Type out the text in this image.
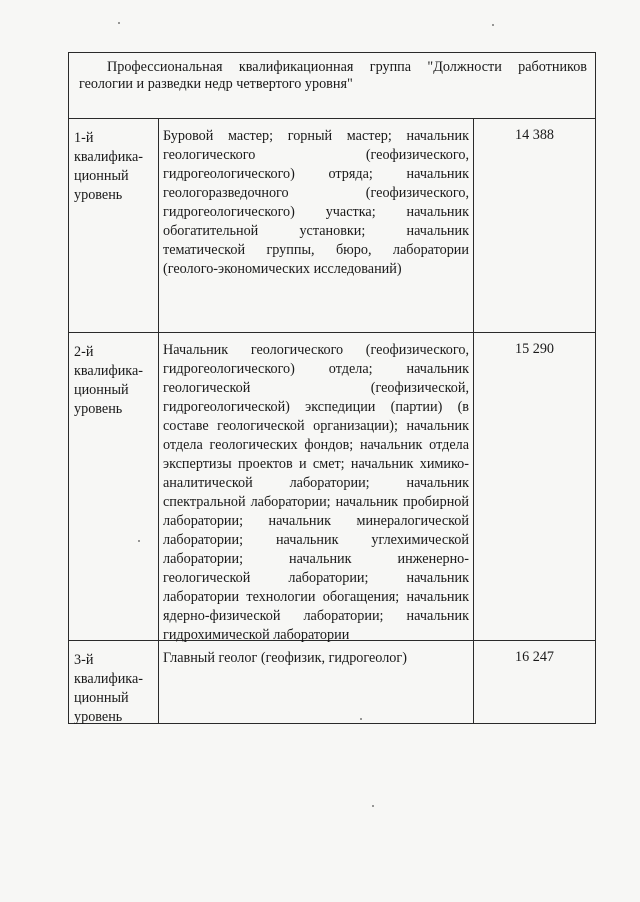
Профессиональная квалификационная группа "Должности работников геологии и разведки недр четвертого уровня"
1-й
квалифика-
ционный
уровень
Буровой мастер; горный мастер; начальник геологического (геофизического, гидрогеологического) отряда; начальник геологоразведочного (геофизического, гидрогеологического) участка; начальник обогатительной установки; начальник тематической группы, бюро, лаборатории (геолого-экономических исследований)
14 388
2-й
квалифика-
ционный
уровень
Начальник геологического (геофизического, гидрогеологического) отдела; начальник геологической (геофизической, гидрогеологической) экспедиции (партии) (в составе геологической организации); начальник отдела геологических фондов; начальник отдела экспертизы проектов и смет; начальник химико- аналитической лаборатории; начальник спектральной лаборатории; начальник пробирной лаборатории; начальник минералогической лаборатории; начальник углехимической лаборатории; начальник инженерно-геологической лаборатории; начальник лаборатории технологии обогащения; начальник ядерно-физической лаборатории; начальник гидрохимической лаборатории
15 290
3-й
квалифика-
ционный
уровень
Главный геолог (геофизик, гидрогеолог)	16 247
